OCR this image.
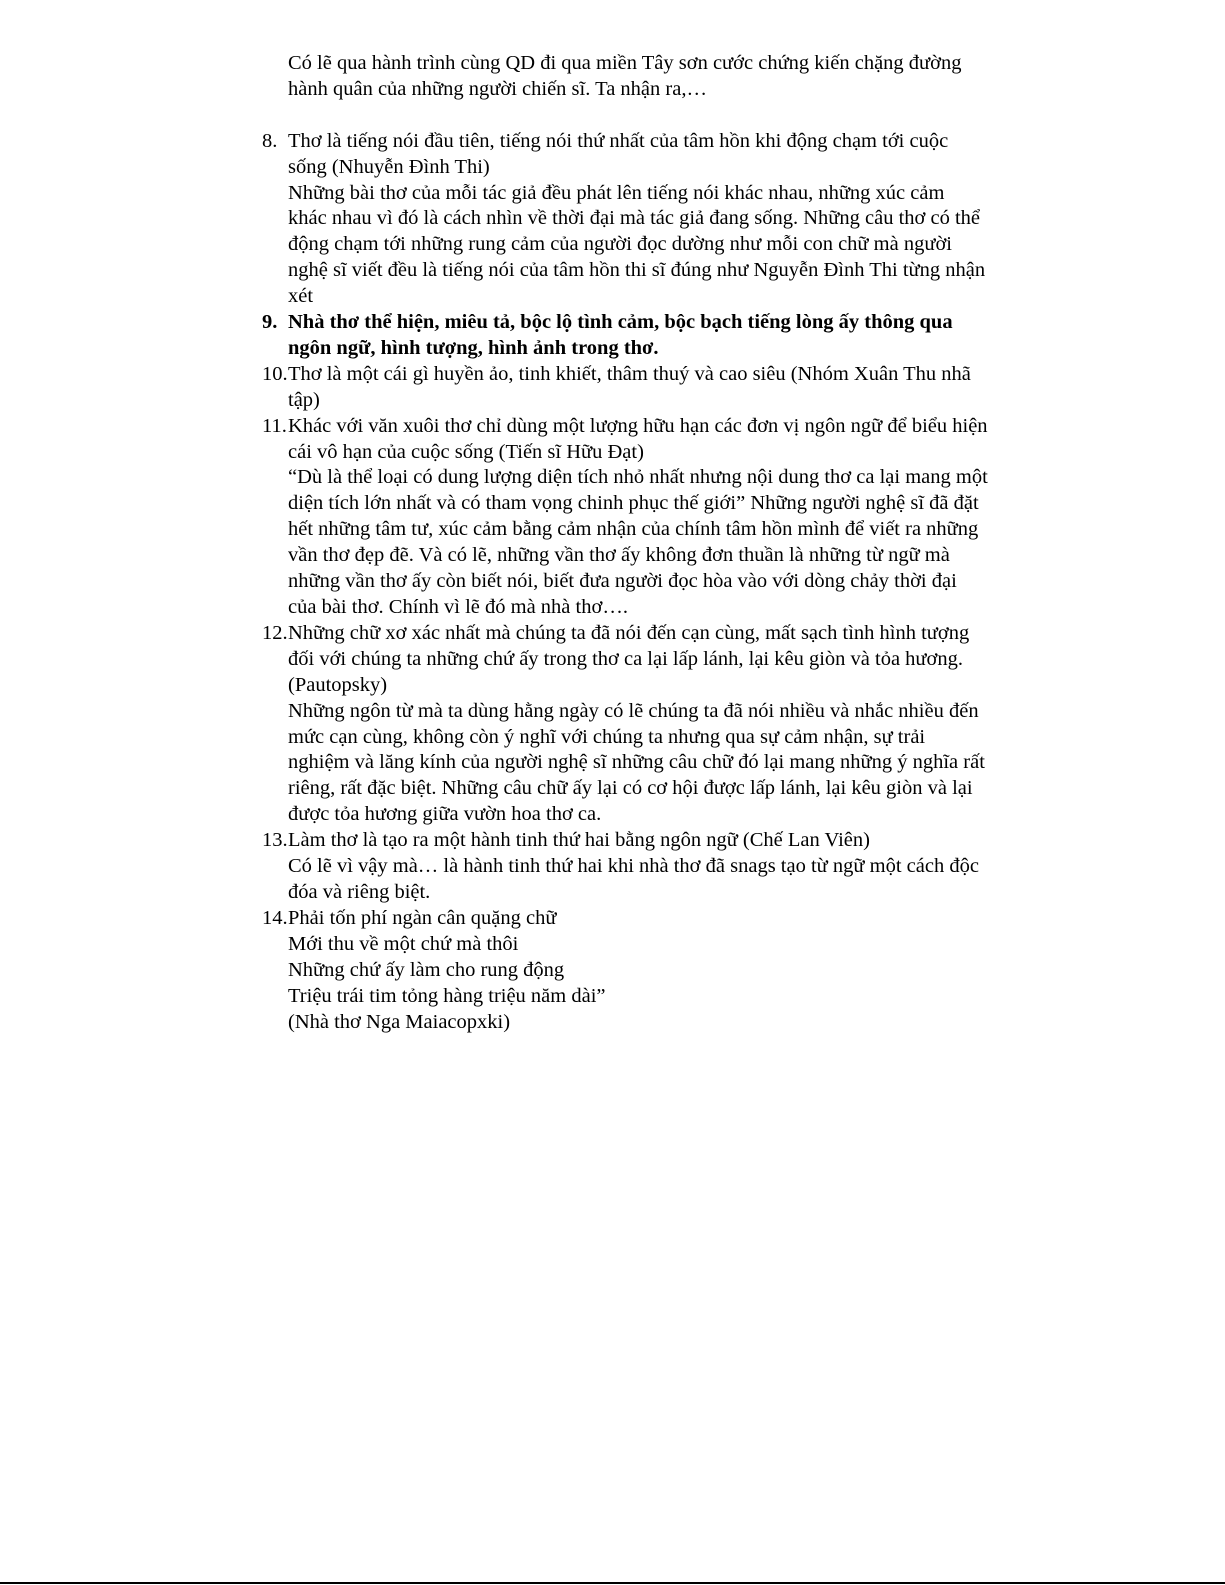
Có lẽ qua hành trình cùng QD đi qua miền Tây sơn cước chứng kiến chặng đường
hành quân của những người chiến sĩ. Ta nhận ra,…
8. Thơ là tiếng nói đầu tiên, tiếng nói thứ nhất của tâm hồn khi động chạm tới cuộc
sống (Nhuyễn Đình Thi)
Những bài thơ của mỗi tác giả đều phát lên tiếng nói khác nhau, những xúc cảm
khác nhau vì đó là cách nhìn về thời đại mà tác giả đang sống. Những câu thơ có thể
động chạm tới những rung cảm của người đọc dường như mỗi con chữ mà người
nghệ sĩ viết đều là tiếng nói của tâm hồn thi sĩ đúng như Nguyễn Đình Thi từng nhận
xét
9. Nhà thơ thể hiện, miêu tả, bộc lộ tình cảm, bộc bạch tiếng lòng ấy thông qua
ngôn ngữ, hình tượng, hình ảnh trong thơ.
10. Thơ là một cái gì huyền ảo, tinh khiết, thâm thuý và cao siêu (Nhóm Xuân Thu nhã
tập)
11. Khác với văn xuôi thơ chỉ dùng một lượng hữu hạn các đơn vị ngôn ngữ để biểu hiện
cái vô hạn của cuộc sống (Tiến sĩ Hữu Đạt)
“Dù là thể loại có dung lượng diện tích nhỏ nhất nhưng nội dung thơ ca lại mang một
diện tích lớn nhất và có tham vọng chinh phục thế giới” Những người nghệ sĩ đã đặt
hết những tâm tư, xúc cảm bằng cảm nhận của chính tâm hồn mình để viết ra những
vần thơ đẹp đẽ. Và có lẽ, những vần thơ ấy không đơn thuần là những từ ngữ mà
những vần thơ ấy còn biết nói, biết đưa người đọc hòa vào với dòng chảy thời đại
của bài thơ. Chính vì lẽ đó mà nhà thơ….
12. Những chữ xơ xác nhất mà chúng ta đã nói đến cạn cùng, mất sạch tình hình tượng
đối với chúng ta những chứ ấy trong thơ ca lại lấp lánh, lại kêu giòn và tỏa hương.
(Pautopsky)
Những ngôn từ mà ta dùng hằng ngày có lẽ chúng ta đã nói nhiều và nhắc nhiều đến
mức cạn cùng, không còn ý nghĩ với chúng ta nhưng qua sự cảm nhận, sự trải
nghiệm và lăng kính của người nghệ sĩ những câu chữ đó lại mang những ý nghĩa rất
riêng, rất đặc biệt. Những câu chữ ấy lại có cơ hội được lấp lánh, lại kêu giòn và lại
được tỏa hương giữa vườn hoa thơ ca.
13. Làm thơ là tạo ra một hành tinh thứ hai bằng ngôn ngữ (Chế Lan Viên)
Có lẽ vì vậy mà… là hành tinh thứ hai khi nhà thơ đã snags tạo từ ngữ một cách độc
đóa và riêng biệt.
14. Phải tốn phí ngàn cân quặng chữ
Mới thu về một chứ mà thôi
Những chứ ấy làm cho rung động
Triệu trái tim tỏng hàng triệu năm dài”
(Nhà thơ Nga Maiacopxki)
